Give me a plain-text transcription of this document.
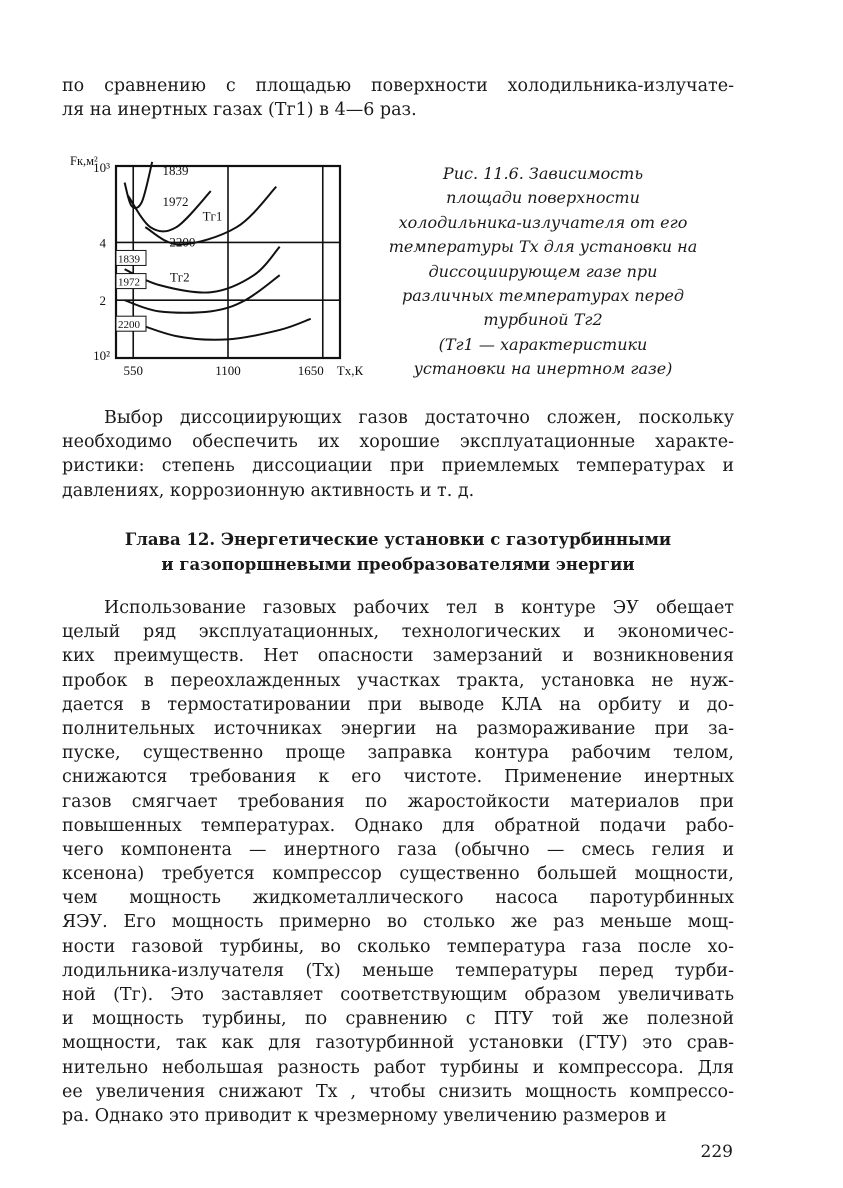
по сравнению с площадью поверхности холодильника-излучате-
ля на инертных газах (Tг1) в 4—6 раз.
550	1100	1650 Tх,К
10³
4
2
10²
Fк,м²
1839
1972
2200
1839
1972
2200
Tг1
Tг2
Рис. 11.6. Зависимость
площади поверхности
холодильника-излучателя от его
температуры Tх для установки на
диссоциирующем газе при
различных температурах перед
турбиной Tг2
(Tг1 — характеристики
установки на инертном газе)
Выбор диссоциирующих газов достаточно сложен, поскольку
необходимо обеспечить их хорошие эксплуатационные характе-
ристики: степень диссоциации при приемлемых температурах и
давлениях, коррозионную активность и т. д.
Глава 12. Энергетические установки с газотурбинными
и газопоршневыми преобразователями энергии
Использование газовых рабочих тел в контуре ЭУ обещает
целый ряд эксплуатационных, технологических и экономичес-
ких преимуществ. Нет опасности замерзаний и возникновения
пробок в переохлажденных участках тракта, установка не нуж-
дается в термостатировании при выводе КЛА на орбиту и до-
полнительных источниках энергии на размораживание при за-
пуске, существенно проще заправка контура рабочим телом,
снижаются требования к его чистоте. Применение инертных
газов смягчает требования по жаростойкости материалов при
повышенных температурах. Однако для обратной подачи рабо-
чего компонента — инертного газа (обычно — смесь гелия и
ксенона) требуется компрессор существенно большей мощности,
чем мощность жидкометаллического насоса паротурбинных
ЯЭУ. Его мощность примерно во столько же раз меньше мощ-
ности газовой турбины, во сколько температура газа после хо-
лодильника-излучателя (Tх) меньше температуры перед турби-
ной (Tг). Это заставляет соответствующим образом увеличивать
и мощность турбины, по сравнению с ПТУ той же полезной
мощности, так как для газотурбинной установки (ГТУ) это срав-
нительно небольшая разность работ турбины и компрессора. Для
ее увеличения снижают Tх , чтобы снизить мощность компрессо-
ра. Однако это приводит к чрезмерному увеличению размеров и
229
